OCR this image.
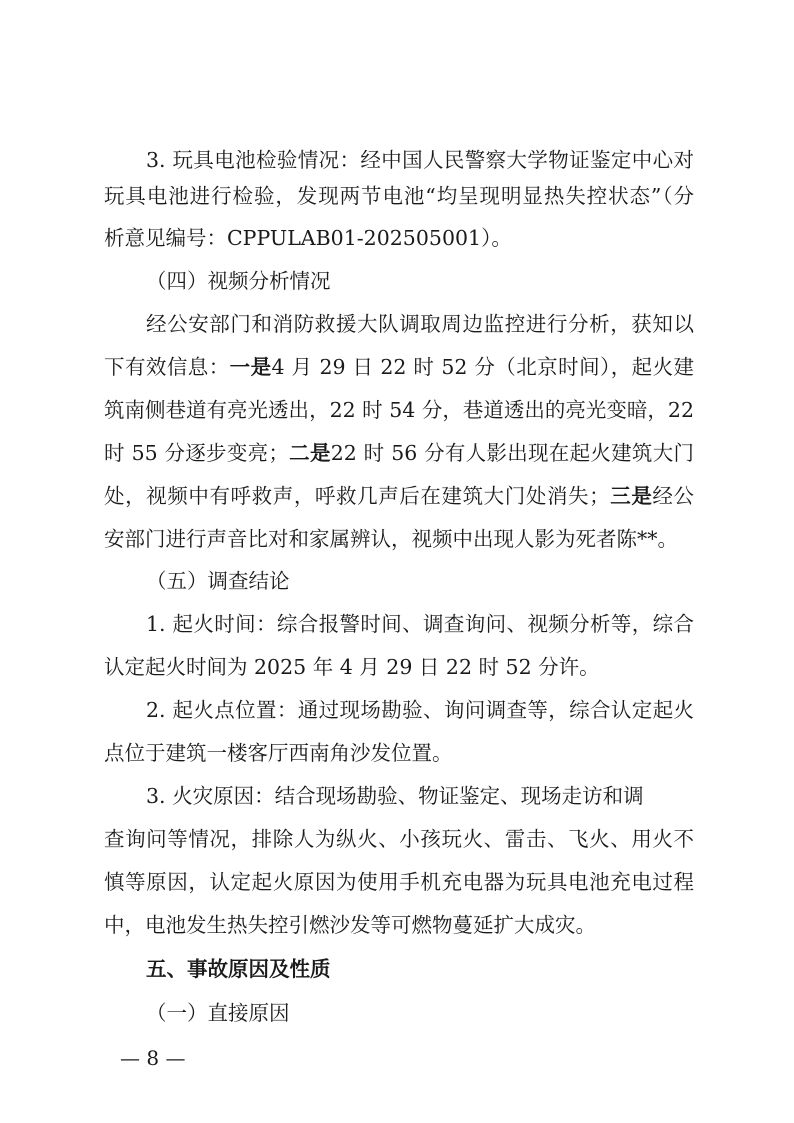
3. 玩具电池检验情况：经中国人民警察大学物证鉴定中心对
玩具电池进行检验，发现两节电池“均呈现明显热失控状态”（分
析意见编号：CPPULAB01-202505001）。
（四）视频分析情况
经公安部门和消防救援大队调取周边监控进行分析，获知以
下有效信息：一是4 月 29 日 22 时 52 分（北京时间），起火建
筑南侧巷道有亮光透出，22 时 54 分，巷道透出的亮光变暗，22
时 55 分逐步变亮；二是22 时 56 分有人影出现在起火建筑大门
处，视频中有呼救声，呼救几声后在建筑大门处消失；三是经公
安部门进行声音比对和家属辨认，视频中出现人影为死者陈**。
（五）调查结论
1. 起火时间：综合报警时间、调查询问、视频分析等，综合
认定起火时间为 2025 年 4 月 29 日 22 时 52 分许。
2. 起火点位置：通过现场勘验、询问调查等，综合认定起火
点位于建筑一楼客厅西南角沙发位置。
3. 火灾原因：结合现场勘验、物证鉴定、现场走访和调
查询问等情况，排除人为纵火、小孩玩火、雷击、飞火、用火不
慎等原因，认定起火原因为使用手机充电器为玩具电池充电过程
中，电池发生热失控引燃沙发等可燃物蔓延扩大成灾。
五、事故原因及性质
（一）直接原因
— 8 —
